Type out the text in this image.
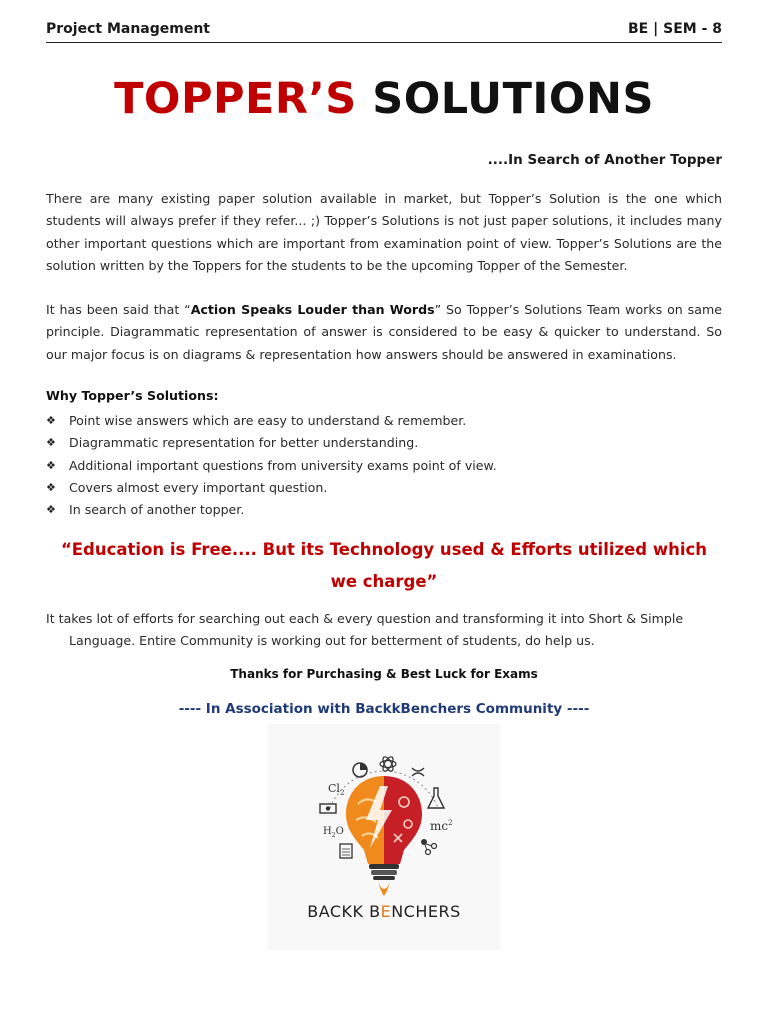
Project Management	BE | SEM - 8
TOPPER’S SOLUTIONS
....In Search of Another Topper
There are many existing paper solution available in market, but Topper’s Solution is the one which students will always prefer if they refer... ;) Topper’s Solutions is not just paper solutions, it includes many other important questions which are important from examination point of view. Topper’s Solutions are the solution written by the Toppers for the students to be the upcoming Topper of the Semester.
It has been said that “Action Speaks Louder than Words” So Topper’s Solutions Team works on same principle. Diagrammatic representation of answer is considered to be easy & quicker to understand. So our major focus is on diagrams & representation how answers should be answered in examinations.
Why Topper’s Solutions:
❖	Point wise answers which are easy to understand & remember.
❖	Diagrammatic representation for better understanding.
❖	Additional important questions from university exams point of view.
❖	Covers almost every important question.
❖	In search of another topper.
“Education is Free.... But its Technology used & Efforts utilized which we charge”
It takes lot of efforts for searching out each & every question and transforming it into Short & Simple
Language. Entire Community is working out for betterment of students, do help us.
Thanks for Purchasing & Best Luck for Exams
---- In Association with BackkBenchers Community ----
$Cl_2$
$H_2O$	$mc^2$
BACKK BENCHERS
